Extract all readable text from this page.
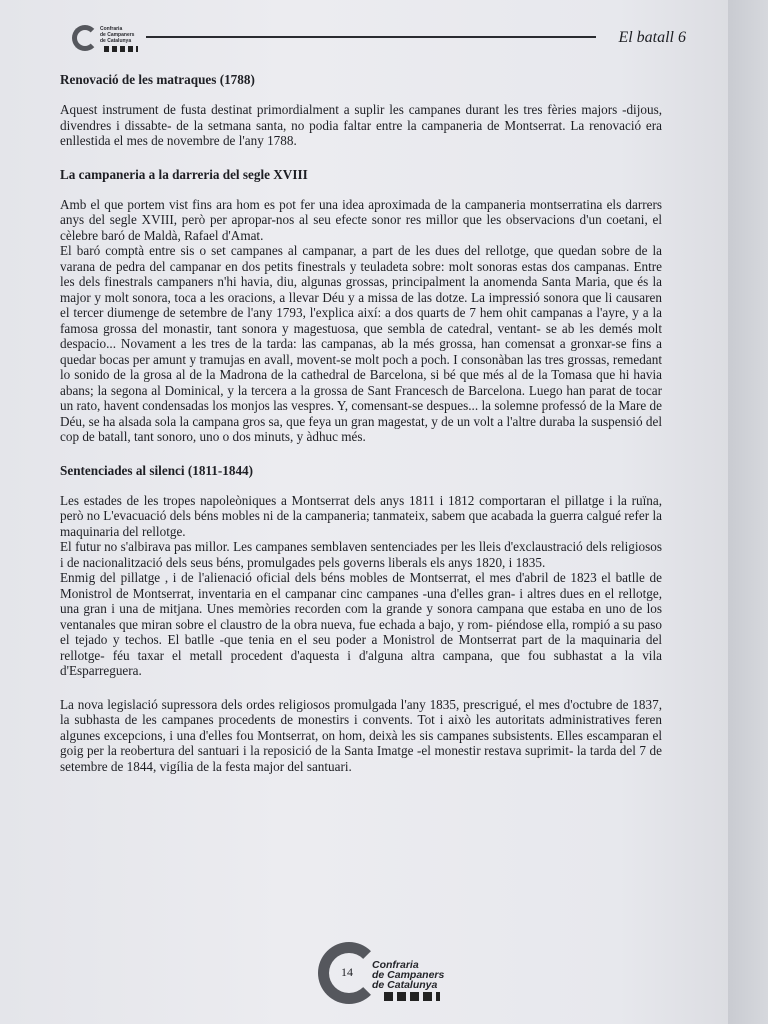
Confraria
de Campaners
de Catalunya	El batall 6
Renovació de les matraques (1788)

Aquest instrument de fusta destinat primordialment a suplir les campanes durant les tres fèries majors -dijous, divendres i dissabte- de la setmana santa, no podia faltar entre la campaneria de Montserrat. La renovació era enllestida el mes de novembre de l'any 1788.

La campaneria a la darreria del segle XVIII

Amb el que portem vist fins ara hom es pot fer una idea aproximada de la campaneria montserratina els darrers anys del segle XVIII, però per apropar-nos al seu efecte sonor res millor que les observacions d'un coetani, el cèlebre baró de Maldà, Rafael d'Amat.

El baró comptà entre sis o set campanes al campanar, a part de les dues del rellotge, que quedan sobre de la varana de pedra del campanar en dos petits finestrals y teuladeta sobre: molt sonoras estas dos campanas. Entre les dels finestrals campaners n'hi havia, diu, algunas grossas, principalment la anomenda Santa Maria, que és la major y molt sonora, toca a les oracions, a llevar Déu y a missa de las dotze. La impressió sonora que li causaren el tercer diumenge de setembre de l'any 1793, l'explica així: a dos quarts de 7 hem ohit campanas a l'ayre, y a la famosa grossa del monastir, tant sonora y magestuosa, que sembla de catedral, ventant- se ab les demés molt despacio... Novament a les tres de la tarda: las campanas, ab la més grossa, han comensat a gronxar-se fins a quedar bocas per amunt y tramujas en avall, movent-se molt poch a poch. I consonàban las tres grossas, remedant lo sonido de la grosa al de la Madrona de la cathedral de Barcelona, si bé que més al de la Tomasa que hi havia abans; la segona al Dominical, y la tercera a la grossa de Sant Francesch de Barcelona. Luego han parat de tocar un rato, havent condensadas los monjos las vespres. Y, comensant-se despues... la solemne professó de la Mare de Déu, se ha alsada sola la campana gros sa, que feya un gran magestat, y de un volt a l'altre duraba la suspensió del cop de batall, tant sonoro, uno o dos minuts, y àdhuc més.

Sentenciades al silenci (1811-1844)

Les estades de les tropes napoleòniques a Montserrat dels anys 1811 i 1812 comportaran el pillatge i la ruïna, però no L'evacuació dels béns mobles ni de la campaneria; tanmateix, sabem que acabada la guerra calgué refer la maquinaria del rellotge.

El futur no s'albirava pas millor. Les campanes semblaven sentenciades per les lleis d'exclaustració dels religiosos i de nacionalització dels seus béns, promulgades pels governs liberals els anys 1820, i 1835.

Enmig del pillatge , i de l'alienació oficial dels béns mobles de Montserrat, el mes d'abril de 1823 el batlle de Monistrol de Montserrat, inventaria en el campanar cinc campanes -una d'elles gran- i altres dues en el rellotge, una gran i una de mitjana. Unes memòries recorden com la grande y sonora campana que estaba en uno de los ventanales que miran sobre el claustro de la obra nueva, fue echada a bajo, y rom- piéndose ella, rompió a su paso el tejado y techos. El batlle -que tenia en el seu poder a Monistrol de Montserrat part de la maquinaria del rellotge- féu taxar el metall procedent d'aquesta i d'alguna altra campana, que fou subhastat a la vila d'Esparreguera.

La nova legislació supressora dels ordes religiosos promulgada l'any 1835, prescrigué, el mes d'octubre de 1837, la subhasta de les campanes procedents de monestirs i convents. Tot i això les autoritats administratives feren algunes excepcions, i una d'elles fou Montserrat, on hom, deixà les sis campanes subsistents. Elles escamparan el goig per la reobertura del santuari i la reposició de la Santa Imatge -el monestir restava suprimit- la tarda del 7 de setembre de 1844, vigília de la festa major del santuari.

14 Confraria
de Campaners
de Catalunya
